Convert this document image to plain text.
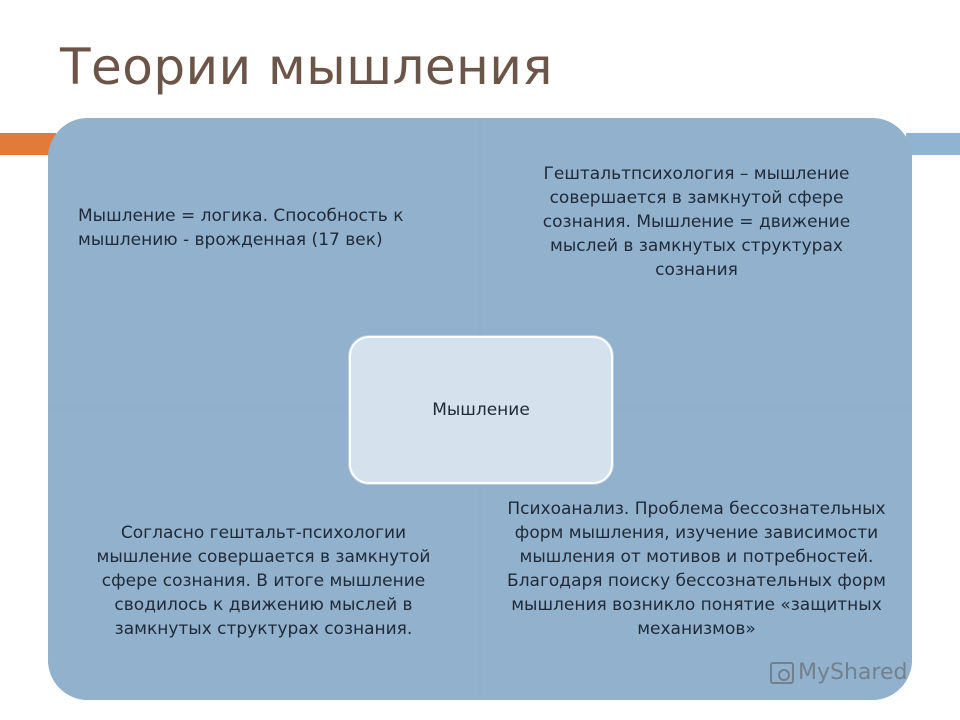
Теории мышления
Мышление = логика. Способность к мышлению - врожденная (17 век)
Гештальтпсихология – мышление совершается в замкнутой сфере сознания. Мышление = движение мыслей в замкнутых структурах сознания
Согласно гештальт-психологии мышление совершается в замкнутой сфере сознания. В итоге мышление сводилось к движению мыслей в замкнутых структурах сознания.
Психоанализ. Проблема бессознательных форм мышления, изучение зависимости мышления от мотивов и потребностей. Благодаря поиску бессознательных форм мышления возникло понятие «защитных механизмов»
Мышление
MyShared
